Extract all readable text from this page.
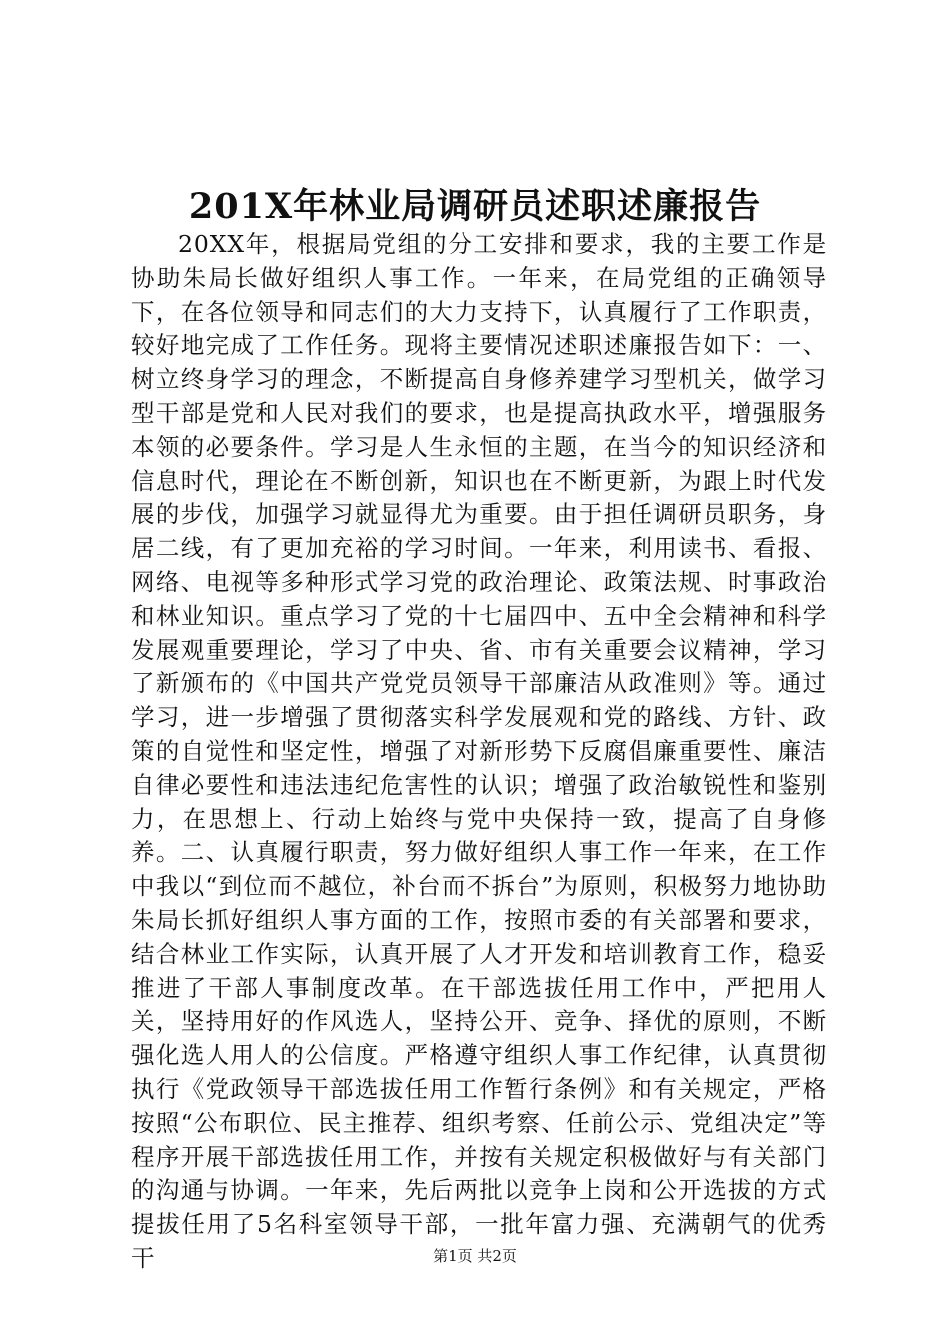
201X年林业局调研员述职述廉报告

20XX年，根据局党组的分工安排和要求，我的主要工作是协助朱局长做好组织人事工作。一年来，在局党组的正确领导下，在各位领导和同志们的大力支持下，认真履行了工作职责，较好地完成了工作任务。现将主要情况述职述廉报告如下：一、树立终身学习的理念，不断提高自身修养建学习型机关，做学习型干部是党和人民对我们的要求，也是提高执政水平，增强服务本领的必要条件。学习是人生永恒的主题，在当今的知识经济和信息时代，理论在不断创新，知识也在不断更新，为跟上时代发展的步伐，加强学习就显得尤为重要。由于担任调研员职务，身居二线，有了更加充裕的学习时间。一年来，利用读书、看报、网络、电视等多种形式学习党的政治理论、政策法规、时事政治和林业知识。重点学习了党的十七届四中、五中全会精神和科学发展观重要理论，学习了中央、省、市有关重要会议精神，学习了新颁布的《中国共产党党员领导干部廉洁从政准则》等。通过学习，进一步增强了贯彻落实科学发展观和党的路线、方针、政策的自觉性和坚定性，增强了对新形势下反腐倡廉重要性、廉洁自律必要性和违法违纪危害性的认识；增强了政治敏锐性和鉴别力，在思想上、行动上始终与党中央保持一致，提高了自身修养。二、认真履行职责，努力做好组织人事工作一年来，在工作中我以“到位而不越位，补台而不拆台”为原则，积极努力地协助朱局长抓好组织人事方面的工作，按照市委的有关部署和要求，结合林业工作实际，认真开展了人才开发和培训教育工作，稳妥推进了干部人事制度改革。在干部选拔任用工作中，严把用人关，坚持用好的作风选人，坚持公开、竞争、择优的原则，不断强化选人用人的公信度。严格遵守组织人事工作纪律，认真贯彻执行《党政领导干部选拔任用工作暂行条例》和有关规定，严格按照“公布职位、民主推荐、组织考察、任前公示、党组决定”等程序开展干部选拔任用工作，并按有关规定积极做好与有关部门的沟通与协调。一年来，先后两批以竞争上岗和公开选拔的方式提拔任用了5名科室领导干部，一批年富力强、充满朝气的优秀干	第1页 共2页
